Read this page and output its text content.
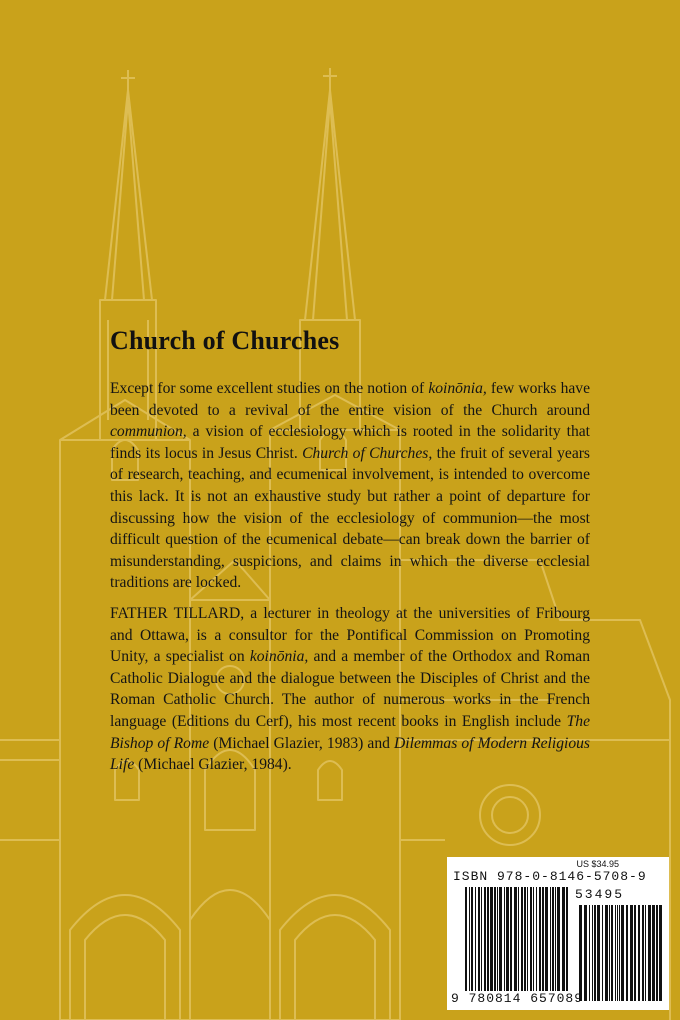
Church of Churches

Except for some excellent studies on the notion of koinōnia, few works have been devoted to a revival of the entire vision of the Church around communion, a vision of ecclesiology which is rooted in the solidarity that finds its locus in Jesus Christ. Church of Churches, the fruit of several years of research, teaching, and ecumenical involvement, is intended to overcome this lack. It is not an exhaustive study but rather a point of departure for discussing how the vision of the ecclesiology of communion—the most difficult question of the ecumenical debate—can break down the barrier of misunderstanding, suspicions, and claims in which the diverse ecclesial traditions are locked.

FATHER TILLARD, a lecturer in theology at the universities of Fribourg and Ottawa, is a consultor for the Pontifical Commission on Promoting Unity, a specialist on koinōnia, and a member of the Orthodox and Roman Catholic Dialogue and the dialogue between the Disciples of Christ and the Roman Catholic Church. The author of numerous works in the French language (Editions du Cerf), his most recent books in English include The Bishop of Rome (Michael Glazier, 1983) and Dilemmas of Modern Religious Life (Michael Glazier, 1984).

US $34.95
ISBN 978-0-8146-5708-9
53495
9 780814 657089
